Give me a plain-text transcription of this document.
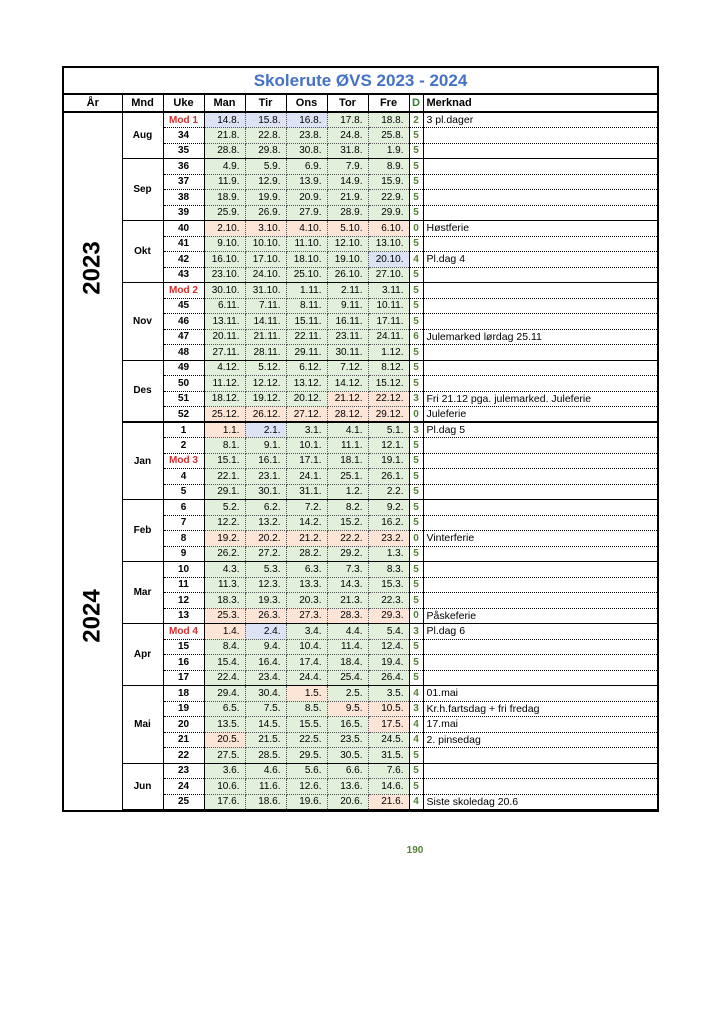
Skolerute ØVS 2023 - 2024
År	Mnd	Uke	Man	Tir	Ons	Tor	Fre	D	Merknad
2023	Aug	Mod 1	14.8.	15.8.	16.8.	17.8.	18.8.	2	3 pl.dager
		34	21.8.	22.8.	23.8.	24.8.	25.8.	5	
		35	28.8.	29.8.	30.8.	31.8.	1.9.	5	
	Sep	36	4.9.	5.9.	6.9.	7.9.	8.9.	5	
		37	11.9.	12.9.	13.9.	14.9.	15.9.	5	
		38	18.9.	19.9.	20.9.	21.9.	22.9.	5	
		39	25.9.	26.9.	27.9.	28.9.	29.9.	5	
	Okt	40	2.10.	3.10.	4.10.	5.10.	6.10.	0	Høstferie
		41	9.10.	10.10.	11.10.	12.10.	13.10.	5	
		42	16.10.	17.10.	18.10.	19.10.	20.10.	4	Pl.dag 4
		43	23.10.	24.10.	25.10.	26.10.	27.10.	5	
	Nov	Mod 2	30.10.	31.10.	1.11.	2.11.	3.11.	5	
		45	6.11.	7.11.	8.11.	9.11.	10.11.	5	
		46	13.11.	14.11.	15.11.	16.11.	17.11.	5	
		47	20.11.	21.11.	22.11.	23.11.	24.11.	6	Julemarked lørdag 25.11
		48	27.11.	28.11.	29.11.	30.11.	1.12.	5	
	Des	49	4.12.	5.12.	6.12.	7.12.	8.12.	5	
		50	11.12.	12.12.	13.12.	14.12.	15.12.	5	
		51	18.12.	19.12.	20.12.	21.12.	22.12.	3	Fri 21.12 pga. julemarked. Juleferie
		52	25.12.	26.12.	27.12.	28.12.	29.12.	0	Juleferie
2024	Jan	1	1.1.	2.1.	3.1.	4.1.	5.1.	3	Pl.dag 5
		2	8.1.	9.1.	10.1.	11.1.	12.1.	5	
		Mod 3	15.1.	16.1.	17.1.	18.1.	19.1.	5	
		4	22.1.	23.1.	24.1.	25.1.	26.1.	5	
		5	29.1.	30.1.	31.1.	1.2.	2.2.	5	
	Feb	6	5.2.	6.2.	7.2.	8.2.	9.2.	5	
		7	12.2.	13.2.	14.2.	15.2.	16.2.	5	
		8	19.2.	20.2.	21.2.	22.2.	23.2.	0	Vinterferie
		9	26.2.	27.2.	28.2.	29.2.	1.3.	5	
	Mar	10	4.3.	5.3.	6.3.	7.3.	8.3.	5	
		11	11.3.	12.3.	13.3.	14.3.	15.3.	5	
		12	18.3.	19.3.	20.3.	21.3.	22.3.	5	
		13	25.3.	26.3.	27.3.	28.3.	29.3.	0	Påskeferie
	Apr	Mod 4	1.4.	2.4.	3.4.	4.4.	5.4.	3	Pl.dag 6
		15	8.4.	9.4.	10.4.	11.4.	12.4.	5	
		16	15.4.	16.4.	17.4.	18.4.	19.4.	5	
		17	22.4.	23.4.	24.4.	25.4.	26.4.	5	
	Mai	18	29.4.	30.4.	1.5.	2.5.	3.5.	4	01.mai
		19	6.5.	7.5.	8.5.	9.5.	10.5.	3	Kr.h.fartsdag + fri fredag
		20	13.5.	14.5.	15.5.	16.5.	17.5.	4	17.mai
		21	20.5.	21.5.	22.5.	23.5.	24.5.	4	2. pinsedag
		22	27.5.	28.5.	29.5.	30.5.	31.5.	5	
	Jun	23	3.6.	4.6.	5.6.	6.6.	7.6.	5	
		24	10.6.	11.6.	12.6.	13.6.	14.6.	5	
		25	17.6.	18.6.	19.6.	20.6.	21.6.	4	Siste skoledag 20.6
190
